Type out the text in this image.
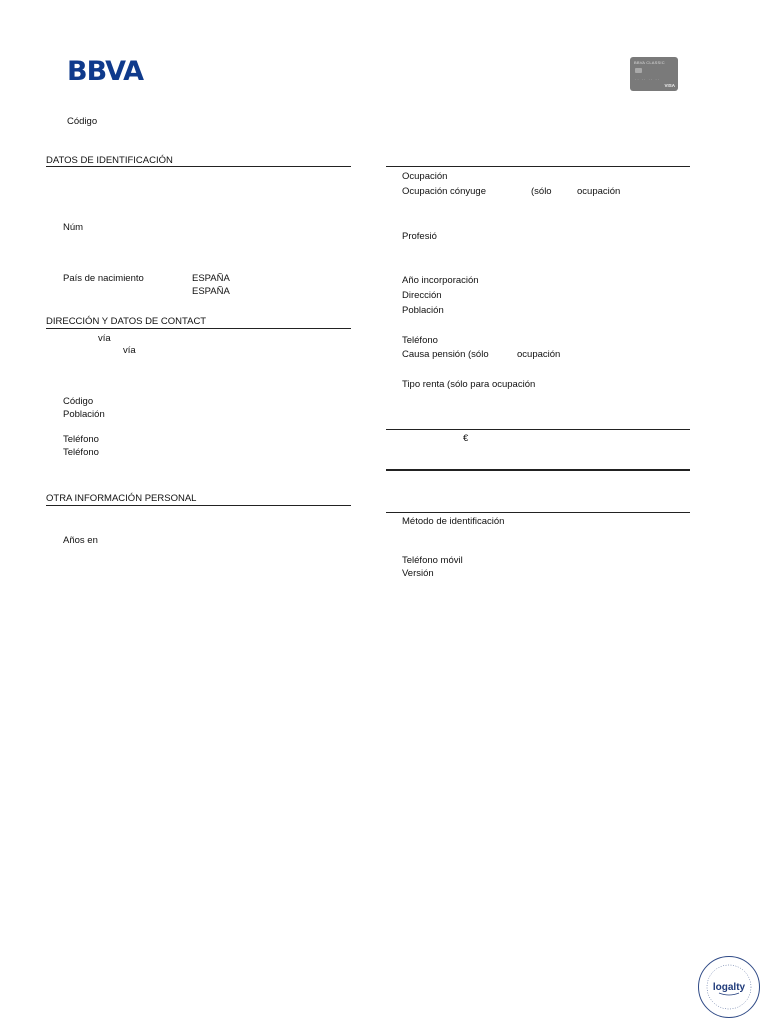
BBVA	BBVA CLASSIC
·· ·· ·· ··
VISA
Código
DATOS DE IDENTIFICACIÓN
Núm
País de nacimiento	ESPAÑA
ESPAÑA
DIRECCIÓN Y DATOS DE CONTACT
vía
vía
Código
Población
Teléfono
Teléfono
OTRA INFORMACIÓN PERSONAL
Años en
Ocupación
Ocupación cónyuge	(sólo	ocupación
Profesió
Año incorporación
Dirección
Población
Teléfono
Causa pensión (sólo	ocupación
Tipo renta (sólo para ocupación
€
Método de identificación
Teléfono móvil
Versión
logalty
